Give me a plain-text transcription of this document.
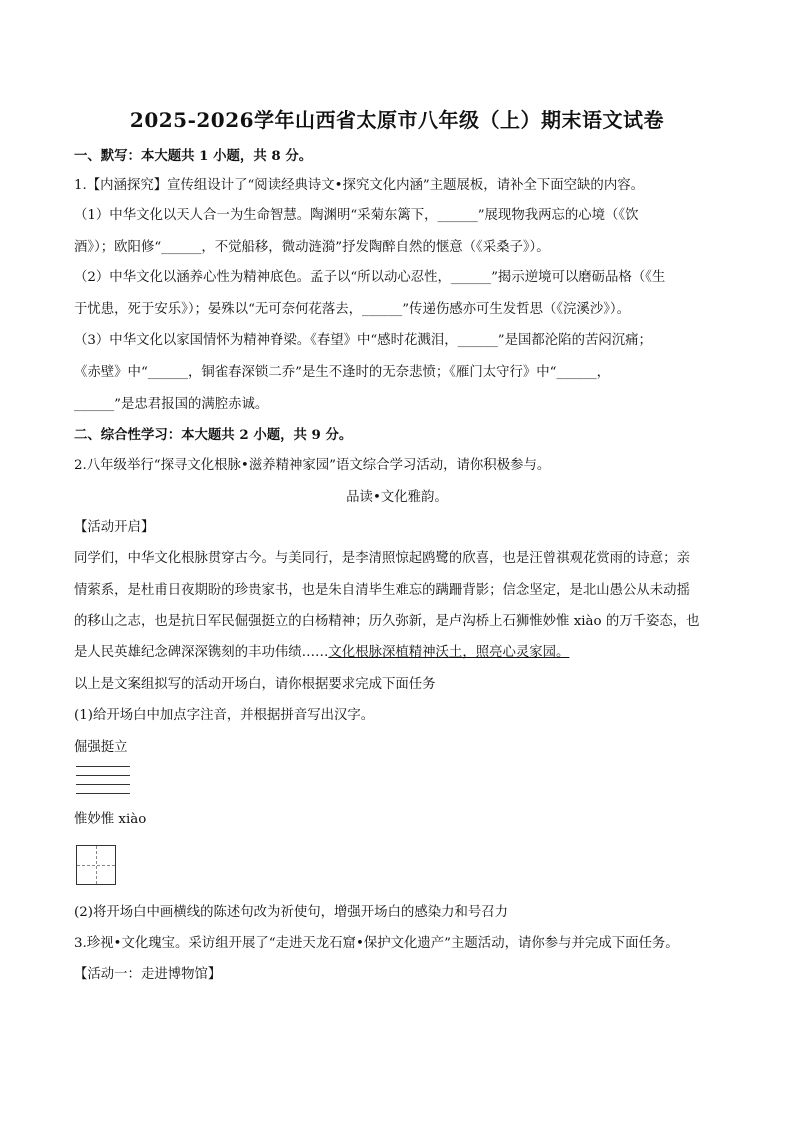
2025-2026学年山西省太原市八年级（上）期末语文试卷
一、默写：本大题共 1 小题，共 8 分。
1.【内涵探究】宣传组设计了“阅读经典诗文•探究文化内涵”主题展板，请补全下面空缺的内容。
（1）中华文化以天人合一为生命智慧。陶渊明“采菊东篱下，______”展现物我两忘的心境（《饮
酒》）；欧阳修“______，不觉船移，微动涟漪”抒发陶醉自然的惬意（《采桑子》）。
（2）中华文化以涵养心性为精神底色。孟子以“所以动心忍性，______”揭示逆境可以磨砺品格（《生
于忧患，死于安乐》）；晏殊以“无可奈何花落去，______”传递伤感亦可生发哲思（《浣溪沙》）。
（3）中华文化以家国情怀为精神脊梁。《春望》中“感时花溅泪，______”是国都沦陷的苦闷沉痛；
《赤壁》中“______，铜雀春深锁二乔”是生不逢时的无奈悲愤；《雁门太守行》中“______，
______”是忠君报国的满腔赤诚。
二、综合性学习：本大题共 2 小题，共 9 分。
2.八年级举行“探寻文化根脉•滋养精神家园”语文综合学习活动，请你积极参与。
品读•文化雅韵。
【活动开启】
同学们，中华文化根脉贯穿古今。与美同行，是李清照惊起鸥鹭的欣喜，也是汪曾祺观花赏雨的诗意；亲
情萦系，是杜甫日夜期盼的珍贵家书，也是朱自清毕生难忘的蹒跚背影；信念坚定，是北山愚公从未动摇
的移山之志，也是抗日军民倔强挺立的白杨精神；历久弥新，是卢沟桥上石狮惟妙惟 xiào 的万千姿态，也
是人民英雄纪念碑深深镌刻的丰功伟绩……文化根脉深植精神沃土，照亮心灵家园。
以上是文案组拟写的活动开场白，请你根据要求完成下面任务
(1)给开场白中加点字注音，并根据拼音写出汉字。
倔强挺立
惟妙惟 xiào
(2)将开场白中画横线的陈述句改为祈使句，增强开场白的感染力和号召力
3.珍视•文化瑰宝。采访组开展了“走进天龙石窟•保护文化遗产”主题活动，请你参与并完成下面任务。
【活动一：走进博物馆】
